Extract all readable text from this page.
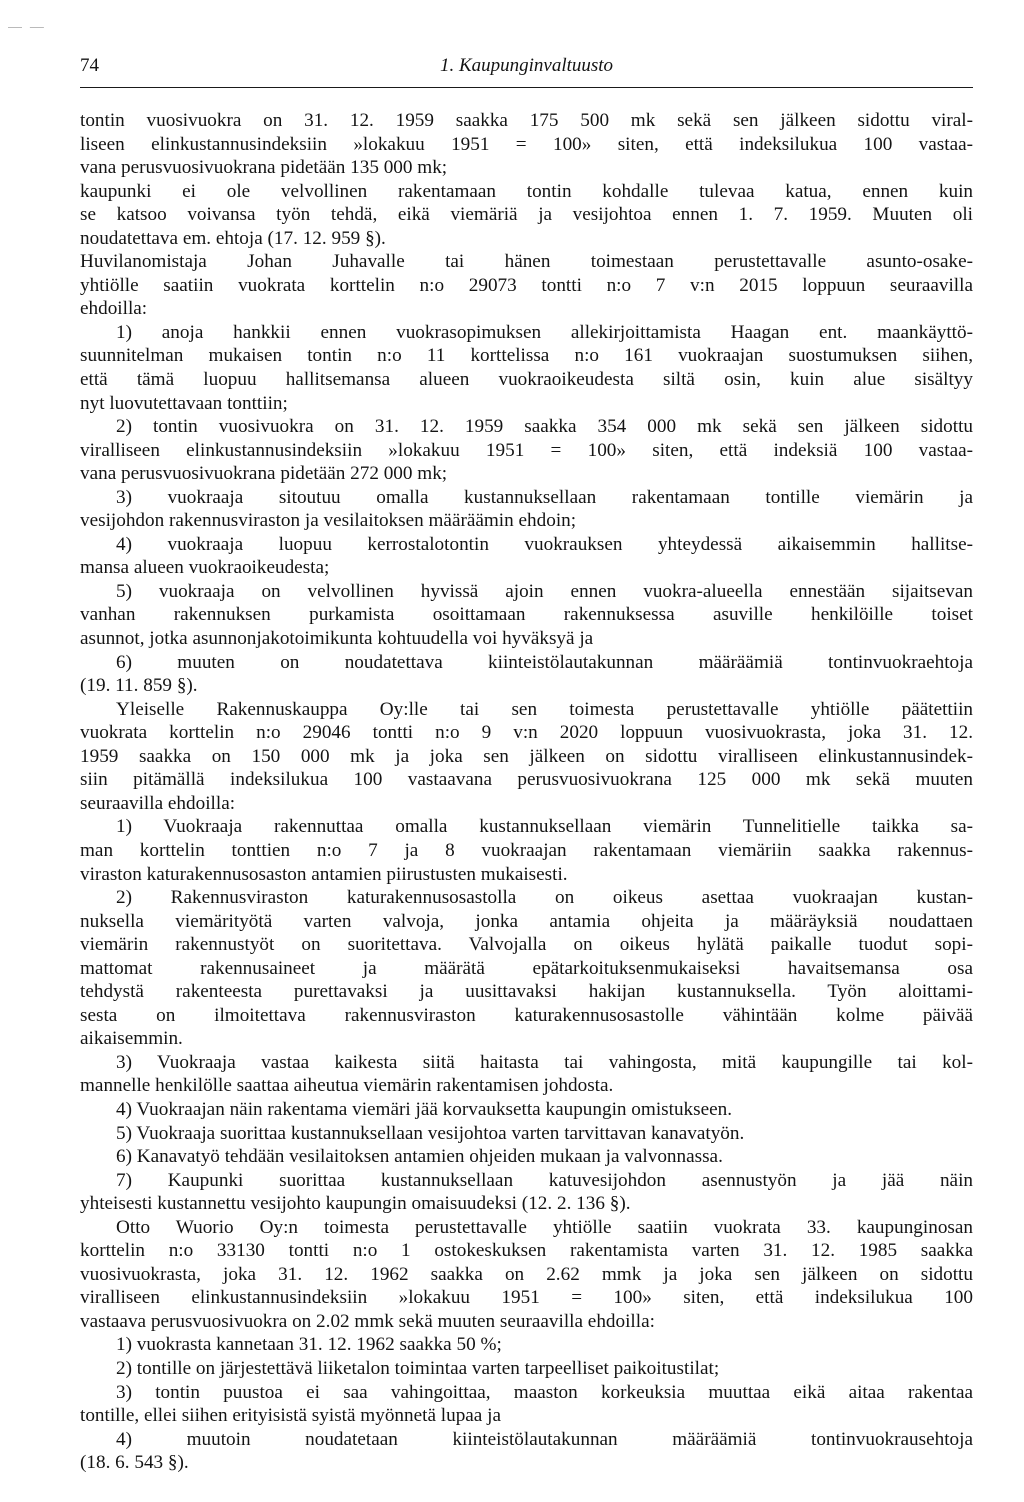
— —
74	1. Kaupunginvaltuusto
tontin vuosivuokra on 31. 12. 1959 saakka 175 500 mk sekä sen jälkeen sidottu viral-
liseen elinkustannusindeksiin »lokakuu 1951 = 100» siten, että indeksilukua 100 vastaa-
vana perusvuosivuokrana pidetään 135 000 mk;
kaupunki ei ole velvollinen rakentamaan tontin kohdalle tulevaa katua, ennen kuin
se katsoo voivansa työn tehdä, eikä viemäriä ja vesijohtoa ennen 1. 7. 1959. Muuten oli
noudatettava em. ehtoja (17. 12. 959 §).
Huvilanomistaja Johan Juhavalle tai hänen toimestaan perustettavalle asunto-osake-
yhtiölle saatiin vuokrata korttelin n:o 29073 tontti n:o 7 v:n 2015 loppuun seuraavilla
ehdoilla:
1) anoja hankkii ennen vuokrasopimuksen allekirjoittamista Haagan ent. maankäyttö-
suunnitelman mukaisen tontin n:o 11 korttelissa n:o 161 vuokraajan suostumuksen siihen,
että tämä luopuu hallitsemansa alueen vuokraoikeudesta siltä osin, kuin alue sisältyy
nyt luovutettavaan tonttiin;
2) tontin vuosivuokra on 31. 12. 1959 saakka 354 000 mk sekä sen jälkeen sidottu
viralliseen elinkustannusindeksiin »lokakuu 1951 = 100» siten, että indeksiä 100 vastaa-
vana perusvuosivuokrana pidetään 272 000 mk;
3) vuokraaja sitoutuu omalla kustannuksellaan rakentamaan tontille viemärin ja
vesijohdon rakennusviraston ja vesilaitoksen määräämin ehdoin;
4) vuokraaja luopuu kerrostalotontin vuokrauksen yhteydessä aikaisemmin hallitse-
mansa alueen vuokraoikeudesta;
5) vuokraaja on velvollinen hyvissä ajoin ennen vuokra-alueella ennestään sijaitsevan
vanhan rakennuksen purkamista osoittamaan rakennuksessa asuville henkilöille toiset
asunnot, jotka asunnonjakotoimikunta kohtuudella voi hyväksyä ja
6) muuten on noudatettava kiinteistölautakunnan määräämiä tontinvuokraehtoja
(19. 11. 859 §).
Yleiselle Rakennuskauppa Oy:lle tai sen toimesta perustettavalle yhtiölle päätettiin
vuokrata korttelin n:o 29046 tontti n:o 9 v:n 2020 loppuun vuosivuokrasta, joka 31. 12.
1959 saakka on 150 000 mk ja joka sen jälkeen on sidottu viralliseen elinkustannusindek-
siin pitämällä indeksilukua 100 vastaavana perusvuosivuokrana 125 000 mk sekä muuten
seuraavilla ehdoilla:
1) Vuokraaja rakennuttaa omalla kustannuksellaan viemärin Tunnelitielle taikka sa-
man korttelin tonttien n:o 7 ja 8 vuokraajan rakentamaan viemäriin saakka rakennus-
viraston katurakennusosaston antamien piirustusten mukaisesti.
2) Rakennusviraston katurakennusosastolla on oikeus asettaa vuokraajan kustan-
nuksella viemärityötä varten valvoja, jonka antamia ohjeita ja määräyksiä noudattaen
viemärin rakennustyöt on suoritettava. Valvojalla on oikeus hylätä paikalle tuodut sopi-
mattomat rakennusaineet ja määrätä epätarkoituksenmukaiseksi havaitsemansa osa
tehdystä rakenteesta purettavaksi ja uusittavaksi hakijan kustannuksella. Työn aloittami-
sesta on ilmoitettava rakennusviraston katurakennusosastolle vähintään kolme päivää
aikaisemmin.
3) Vuokraaja vastaa kaikesta siitä haitasta tai vahingosta, mitä kaupungille tai kol-
mannelle henkilölle saattaa aiheutua viemärin rakentamisen johdosta.
4) Vuokraajan näin rakentama viemäri jää korvauksetta kaupungin omistukseen.
5) Vuokraaja suorittaa kustannuksellaan vesijohtoa varten tarvittavan kanavatyön.
6) Kanavatyö tehdään vesilaitoksen antamien ohjeiden mukaan ja valvonnassa.
7) Kaupunki suorittaa kustannuksellaan katuvesijohdon asennustyön ja jää näin
yhteisesti kustannettu vesijohto kaupungin omaisuudeksi (12. 2. 136 §).
Otto Wuorio Oy:n toimesta perustettavalle yhtiölle saatiin vuokrata 33. kaupunginosan
korttelin n:o 33130 tontti n:o 1 ostokeskuksen rakentamista varten 31. 12. 1985 saakka
vuosivuokrasta, joka 31. 12. 1962 saakka on 2.62 mmk ja joka sen jälkeen on sidottu
viralliseen elinkustannusindeksiin »lokakuu 1951 = 100» siten, että indeksilukua 100
vastaava perusvuosivuokra on 2.02 mmk sekä muuten seuraavilla ehdoilla:
1) vuokrasta kannetaan 31. 12. 1962 saakka 50 %;
2) tontille on järjestettävä liiketalon toimintaa varten tarpeelliset paikoitustilat;
3) tontin puustoa ei saa vahingoittaa, maaston korkeuksia muuttaa eikä aitaa rakentaa
tontille, ellei siihen erityisistä syistä myönnetä lupaa ja
4) muutoin noudatetaan kiinteistölautakunnan määräämiä tontinvuokrausehtoja
(18. 6. 543 §).
